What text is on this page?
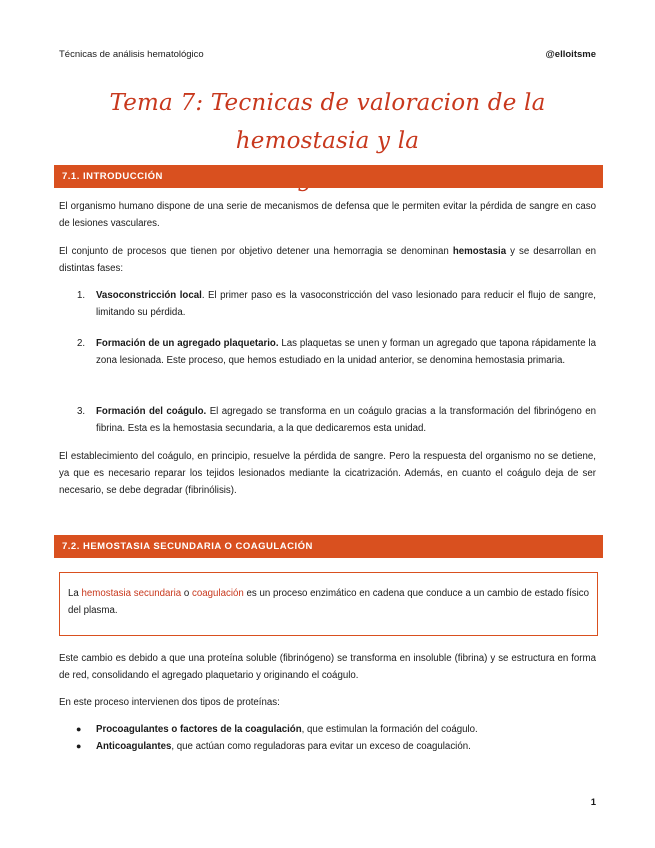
Técnicas de análisis hematológico	@elloitsme
Tema 7: Tecnicas de valoracion de la hemostasia y la
7.1. INTRODUCCIÓN
El organismo humano dispone de una serie de mecanismos de defensa que le permiten evitar la pérdida de sangre en caso de lesiones vasculares.
El conjunto de procesos que tienen por objetivo detener una hemorragia se denominan hemostasia y se desarrollan en distintas fases:
1. Vasoconstricción local. El primer paso es la vasoconstricción del vaso lesionado para reducir el flujo de sangre, limitando su pérdida.
2. Formación de un agregado plaquetario. Las plaquetas se unen y forman un agregado que tapona rápidamente la zona lesionada. Este proceso, que hemos estudiado en la unidad anterior, se denomina hemostasia primaria.
3. Formación del coágulo. El agregado se transforma en un coágulo gracias a la transformación del fibrinógeno en fibrina. Esta es la hemostasia secundaria, a la que dedicaremos esta unidad.
El establecimiento del coágulo, en principio, resuelve la pérdida de sangre. Pero la respuesta del organismo no se detiene, ya que es necesario reparar los tejidos lesionados mediante la cicatrización. Además, en cuanto el coágulo deja de ser necesario, se debe degradar (fibrinólisis).
7.2. HEMOSTASIA SECUNDARIA O COAGULACIÓN
La hemostasia secundaria o coagulación es un proceso enzimático en cadena que conduce a un cambio de estado físico del plasma.
Este cambio es debido a que una proteína soluble (fibrinógeno) se transforma en insoluble (fibrina) y se estructura en forma de red, consolidando el agregado plaquetario y originando el coágulo.
En este proceso intervienen dos tipos de proteínas:
● Procoagulantes o factores de la coagulación, que estimulan la formación del coágulo.
● Anticoagulantes, que actúan como reguladoras para evitar un exceso de coagulación.
1
